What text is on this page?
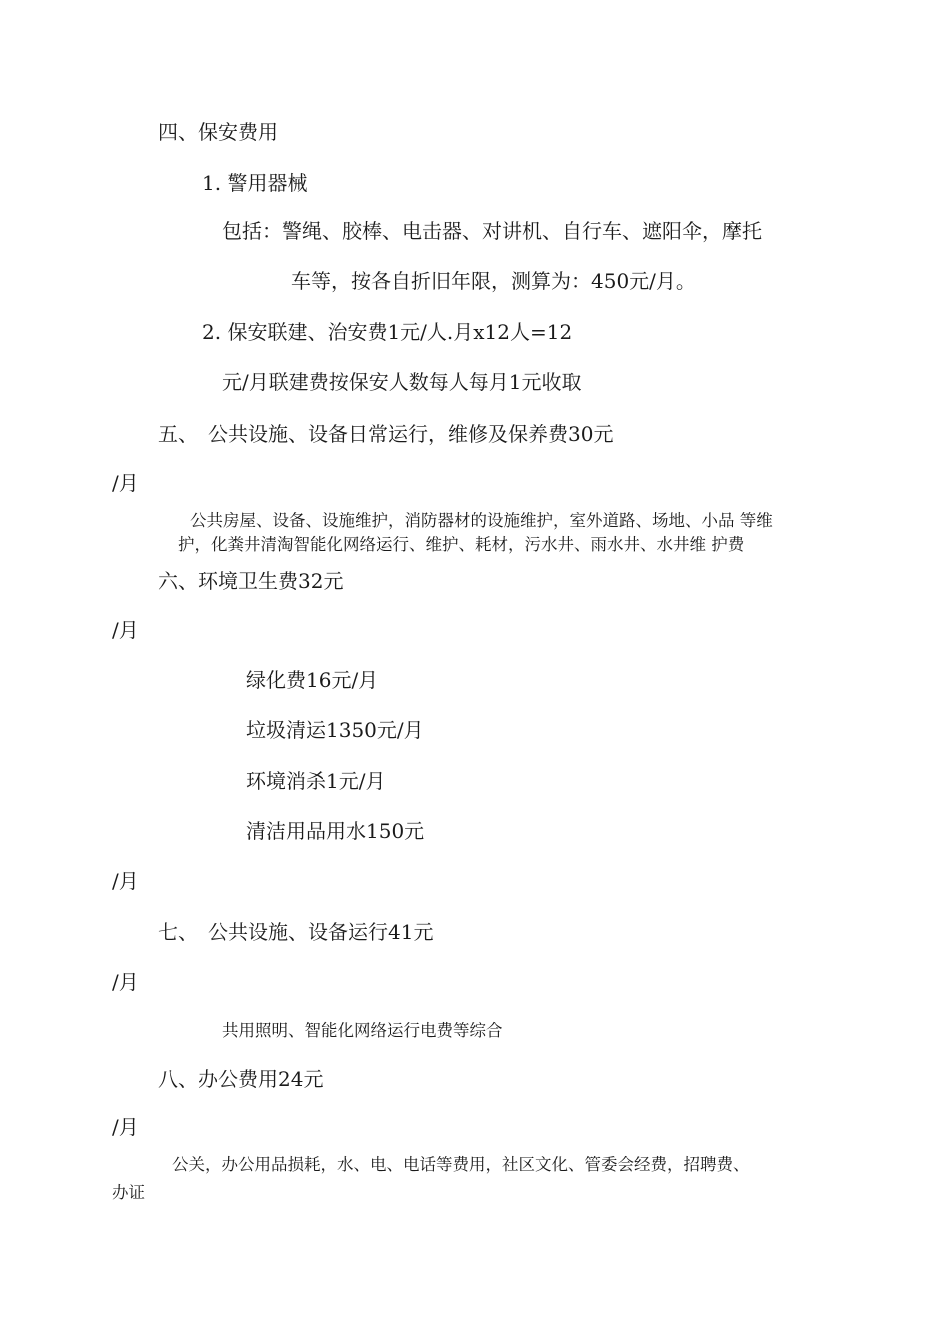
四、保安费用
1. 警用器械
包括：警绳、胶棒、电击器、对讲机、自行车、遮阳伞，摩托
车等，按各自折旧年限，测算为：450元/月。
2. 保安联建、治安费1元/人.月x12人=12
元/月联建费按保安人数每人每月1元收取
五、　公共设施、设备日常运行，维修及保养费30元
/月
公共房屋、设备、设施维护，消防器材的设施维护，室外道路、场地、小品 等维
护，化粪井清淘智能化网络运行、维护、耗材，污水井、雨水井、水井维 护费
六、环境卫生费32元
/月
绿化费16元/月
垃圾清运1350元/月
环境消杀1元/月
清洁用品用水150元
/月
七、　公共设施、设备运行41元
/月
共用照明、智能化网络运行电费等综合
八、办公费用24元
/月
公关，办公用品损耗，水、电、电话等费用，社区文化、管委会经费，招聘费、
办证
